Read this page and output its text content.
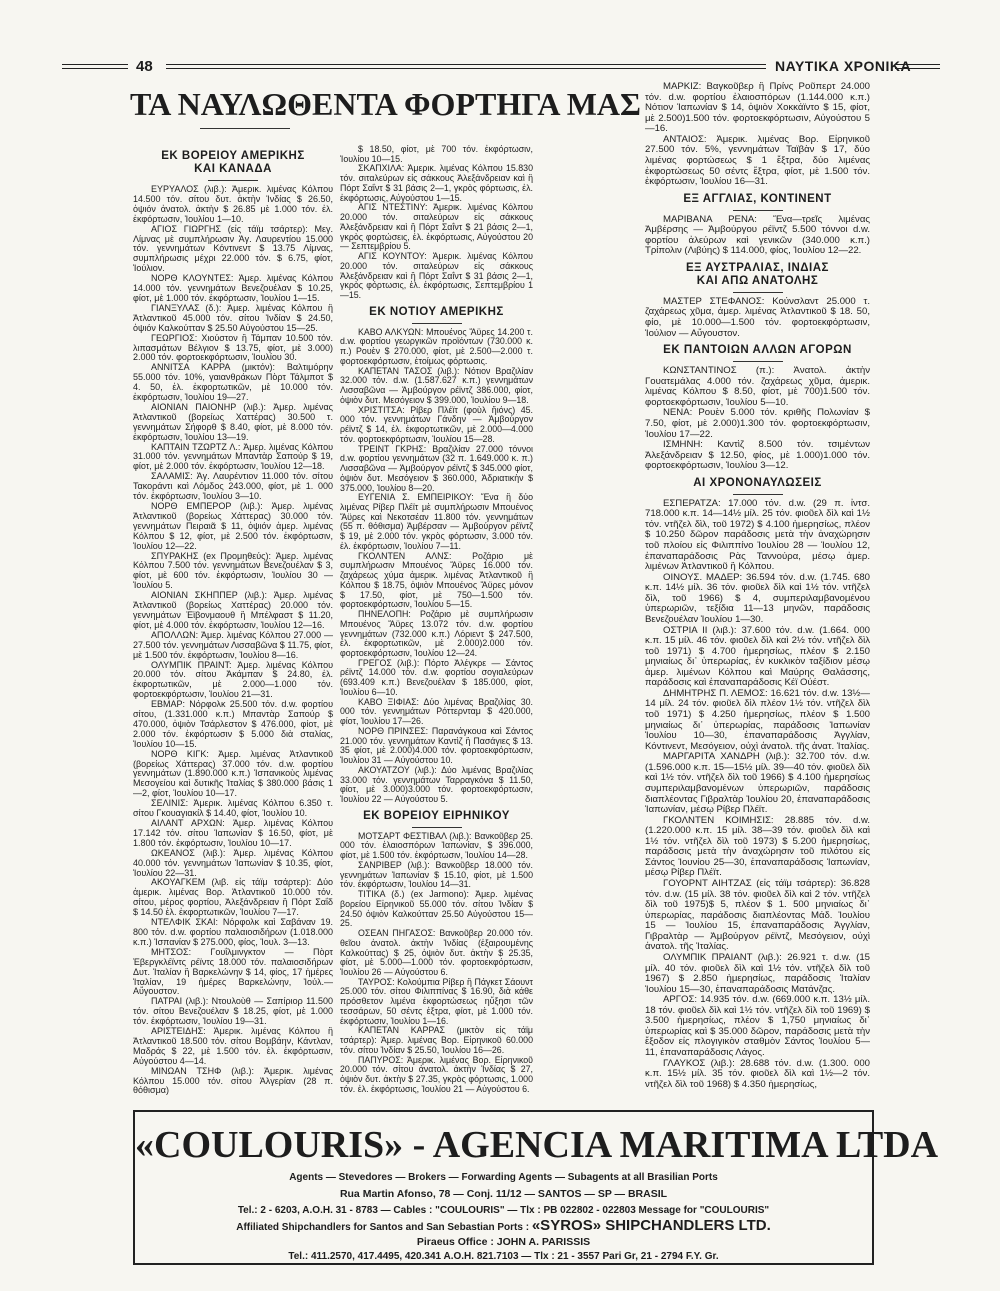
48	ΝΑΥΤΙΚΑ ΧΡΟΝΙΚΑ
ΤΑ ΝΑΥΛΩΘΕΝΤΑ ΦΟΡΤΗΓΑ ΜΑΣ
ΕΚ ΒΟΡΕΙΟΥ ΑΜΕΡΙΚΗΣ
ΚΑΙ ΚΑΝΑΔΑ

ΕΥΡΥΑΛΟΣ (λιβ.): Ἀμερικ. λιμένας Κόλπου 14.500 τόν. σίτου δυτ. ἀκτὴν Ἰνδίας $ 26.50, ὀψιόν ἀνατολ. ἀκτὴν $ 26.85 μὲ 1.000 τόν. ἐλ. ἐκφόρτωσιν, Ἰουλίου 1—10.

ΑΓΙΟΣ ΓΙΩΡΓΗΣ (εἰς τάϊμ τσάρτερ): Μεγ. Λίμνας μὲ συμπλήρωσιν Ἁγ. Λαυρεντίου 15.000 τόν. γεννημάτων Κόντινεντ $ 13.75 Λίμνας, συμπλήρωσις μέχρι 22.000 τόν. $ 6.75, φίοτ, Ἰούλιον.

ΝΟΡΘ ΚΛΟΥΝΤΕΣ: Ἀμερ. λιμένας Κόλπου 14.000 τόν. γεννημάτων Βενεζουέλαν $ 10.25, φίοτ, μὲ 1.000 τόν. ἐκφόρτωσιν, Ἰουλίου 1—15.

ΓΙΑΝΞΥΛΑΣ (δ.): Ἀμερ. λιμένας Κόλπου ἢ Ἀτλαντικοῦ 45.000 τόν. σίτου Ἰνδίαν $ 24.50, ὀψιόν Καλκούτταν $ 25.50 Αὐγούστου 15—25.

ΓΕΩΡΓΙΟΣ: Χιούστον ἢ Τάμπαν 10.500 τόν. λιπασμάτων Βέλγιον $ 13.75, φίοτ, μὲ 3.000) 2.000 τόν. φορτοεκφόρτωσιν, Ἰουλίου 30.

ΑΝΝΙΤΣΑ ΚΑΡΡΑ (μικτόν): Βαλτιμόρην 55.000 τόν. 10%, γαιανθράκων Πὸρτ Τάλμποτ $ 4. 50, ἐλ. ἐκφορτωτικῶν, μὲ 10.000 τόν. ἐκφόρτωσιν, Ἰουλίου 19—27.

ΑΙΟΝΙΑΝ ΠΑΙΟΝΗΡ (λιβ.): Ἀμερ. λιμένας Ἀτλαντικοῦ (βορείως Χαττέρας) 30.500 τ. γεννημάτων Σήφορθ $ 8.40, φίοτ, μὲ 8.000 τόν. ἐκφόρτωσιν, Ἰουλίου 13—19.

ΚΑΠΤΑΙΝ ΤΖΩΡΤΖ Λ.: Ἀμερ. λιμένας Κόλπου 31.000 τόν. γεννημάτων Μπαντὰρ Σαπούρ $ 19, φίοτ, μὲ 2.000 τόν. ἐκφόρτωσιν, Ἰουλίου 12—18.

ΣΑΛΑΜΙΣ: Ἁγ. Λαυρέντιον 11.000 τόν. σίτου Τακοράντι καὶ Λόμδος 243.000, φίοτ, μὲ 1. 000 τόν. ἐκφόρτωσιν, Ἰουλίου 3—10.

ΝΟΡΘ ΕΜΠΕΡΟΡ (λιβ.): Ἀμερ. λιμένας Ἀτλαντικοῦ (βορείως Χάττερας) 30.000 τόν. γεννημάτων Πειραιᾶ $ 11, ὀψιόν ἀμερ. λιμένας Κόλπου $ 12, φίοτ, μὲ 2.500 τόν. ἐκφόρτωσιν, Ἰουλίου 12—22.

ΣΠΥΡΑΚΗΣ (ex Προμηθεύς): Ἀμερ. λιμένας Κόλπου 7.500 τόν. γεννημάτων Βενεζουέλαν $ 3, φίοτ, μὲ 600 τόν. ἐκφόρτωσιν, Ἰουλίου 30 — Ἰουλίου 5.

ΑΙΟΝΙΑΝ ΣΚΗΠΠΕΡ (λιβ.): Ἀμερ. λιμένας Ἀτλαντικοῦ (βορείως Χαττέρας) 20.000 τόν. γεννημάτων Ἐϊβονμαουθ ἢ Μπέλφαστ $ 11.20, φίοτ, μὲ 4.000 τόν. ἐκφόρτωσιν, Ἰουλίου 12—16.

ΑΠΟΛΛΩΝ: Ἀμερ. λιμένας Κόλπου 27.000 — 27.500 τόν. γεννημάτων Λισσαβῶνα $ 11.75, φίοτ, μὲ 1.500 τόν. ἐκφόρτωσιν, Ἰουλίου 8—16.

ΟΛΥΜΠΙΚ ΠΡΑΙΝΤ: Ἀμερ. λιμένας Κόλπου 20.000 τόν. σίτου Ἀκάμπαν $ 24.80, ἐλ. ἐκφορτωτικῶν, μὲ 2.000—1.000 τόν. φορτοεκφόρτωσιν, Ἰουλίου 21—31.

ΕΒΜΑΡ: Νόρφολκ 25.500 τόν. d.w. φορτίου σίτου, (1.331.000 κ.π.) Μπαντὰρ Σαπούρ $ 470.000, ὀψιὸν Τσάρλεστον $ 476.000, φίοτ, μὲ 2.000 τόν. ἐκφόρτωσιν $ 5.000 διὰ σταλίας, Ἰουλίου 10—15.

ΝΟΡΘ ΚΙΓΚ: Ἀμερ. λιμένας Ἀτλαντικοῦ (βορείως Χάττερας) 37.000 τόν. d.w. φορτίου γεννημάτων (1.890.000 κ.π.) Ἰσπανικοὺς λιμένας Μεσογείου καὶ δυτικῆς Ἰταλίας $ 380.000 βάσις 1—2, φίοτ, Ἰουλίου 10—17.

ΣΕΛΙΝΙΣ: Ἀμερικ. λιμένας Κόλπου 6.350 τ. σίτου Γκουαγιακίλ $ 14.40, φίοτ, Ἰουλίου 10.

ΑΙΛΑΝΤ ΑΡΧΩΝ: Ἀμερ. λιμένας Κόλπου 17.142 τόν. σίτου Ἰαπωνίαν $ 16.50, φίοτ, μὲ 1.800 τόν. ἐκφόρτωσιν, Ἰουλίου 10—17.

ΩΚΕΑΝΟΣ (λιβ.): Ἀμερ. λιμένας Κόλπου 40.000 τόν. γεννημάτων Ἰαπωνίαν $ 10.35, φίοτ, Ἰουλίου 22—31.

ΑΚΟΥΑΓΚΕΜ (λιβ. εἰς τάϊμ τσάρτερ): Δύο ἀμερικ. λιμένας Βορ. Ἀτλαντικοῦ 10.000 τόν. σίτου, μέρος φορτίου, Ἀλεξάνδρειαν ἢ Πόρτ Σαΐδ $ 14.50 ἐλ. ἐκφορτωτικῶν, Ἰουλίου 7—17.

ΝΤΕΛΦΙΚ ΣΚΑΙ: Νόρφολκ καὶ Σαβάναν 19. 800 τόν. d.w. φορτίου παλαιοσιδήρων (1.018.000 κ.π.) Ἰσπανίαν $ 275.000, φίος, Ἰουλ. 3—13.

ΜΗΤΣΟΣ: Γουΐλμινγκτον — Πὸρτ Ἐβεργκλέϊντς ρέϊντς 18.000 τόν. παλαιοσιδήρων Δυτ. Ἰταλίαν ἢ Βαρκελώνην $ 14, φίος, 17 ἡμέρες Ἰταλίαν, 19 ἡμέρες Βαρκελώνην, Ἰούλ.—Αὔγουστον.

ΠΑΤΡΑΙ (λιβ.): Ντουλοὺθ — Σαπίριορ 11.500 τόν. σίτου Βενεζουέλαν $ 18.25, φίοτ, μὲ 1.000 τόν. ἐκφόρτωσιν, Ἰουλίου 19—31.

ΑΡΙΣΤΕΙΔΗΣ: Ἀμερικ. λιμένας Κόλπου ἢ Ἀτλαντικοῦ 18.500 τόν. σίτου Βομβάην, Κάντλαν, Μαδράς $ 22, μὲ 1.500 τόν. ἐλ. ἐκφόρτωσιν, Αὐγούστου 4—14.

ΜΙΝΩΑΝ ΤΣΗΦ (λιβ.): Ἀμερικ. λιμένας Κόλπου 15.000 τόν. σίτου Ἀλγερίαν (28 π. θόθισμα)

$ 18.50, φίοτ, μὲ 700 τόν. ἐκφόρτωσιν, Ἰουλίου 10—15.

ΣΚΑΠΧΙΛΑ: Ἀμερικ. λιμένας Κόλπου 15.830 τόν. σιταλεύρων εἰς σάκκους Ἀλεξάνδρειαν καὶ ἢ Πόρτ Σαΐντ $ 31 βάσις 2—1, γκρὸς φόρτωσις, ἐλ. ἐκφόρτωσις, Αὐγούστου 1—15.

ΑΓΙΣ ΝΤΕΣΤΙΝΥ: Ἀμερικ. λιμένας Κόλπου 20.000 τόν. σιταλεύρων εἰς σάκκους Ἀλεξάνδρειαν καὶ ἢ Πόρτ Σαΐντ $ 21 βάσις 2—1, γκρὸς φορτώσεις, ἐλ. ἐκφόρτωσις, Αὐγούστου 20 — Σεπτεμβρίου 5.

ΑΓΙΣ ΚΟΥΝΤΟΥ: Ἀμερικ. λιμένας Κόλπου 20.000 τόν. σιταλεύρων εἰς σάκκους Ἀλεξάνδρειαν καὶ ἢ Πόρτ Σαΐντ $ 31 βάσις 2—1, γκρὸς φόρτωσις, ἐλ. ἐκφόρτωσις, Σεπτεμβρίου 1—15.

ΕΚ ΝΟΤΙΟΥ ΑΜΕΡΙΚΗΣ

ΚΑΒΟ ΑΛΚΥΩΝ: Μπουένος Ἄϋρες 14.200 τ. d.w. φορτίου γεωργικῶν προϊόντων (730.000 κ. π.) Ρουὲν $ 270.000, φίοτ, μὲ 2.500—2.000 τ. φορτοεκφόρτωσιν, ἑτοίμως φόρτωσις.

ΚΑΠΕΤΑΝ ΤΑΣΟΣ (λιβ.): Νότιον Βραζιλίαν 32.000 τόν. d.w. (1.587.627 κ.π.) γεννημάτων Λισσαβῶνα — Ἀμβούργον ρέϊντζ 386.000, φίοτ, ὀψιὸν δυτ. Μεσόγειον $ 399.000, Ἰουλίου 9—18.

ΧΡΙΣΤΙΤΣΑ: Ρίβερ Πλέϊτ (φοὺλ ἥιόνς) 45. 000 τόν. γεννημάτων Γάνδην — Ἀμβούργον ρέϊντζ $ 14, ἐλ. ἐκφορτωτικῶν, μὲ 2.000—4.000 τόν. φορτοεκφόρτωσιν, Ἰουλίου 15—28.

ΤΡΕΙΝΤ ΓΚΡΗΣ: Βραζιλίαν 27.000 τόννοι d.w. φορτίου γεννημάτων (32 π. 1.649.000 κ. π.) Λισσαβῶνα — Ἀμβούργον ρέϊντζ $ 345.000 φίοτ, ὀψιὸν δυτ. Μεσόγειον $ 360.000, Ἀδριατικὴν $ 375.000, Ἰουλίου 8—20.

ΕΥΓΕΝΙΑ Σ. ΕΜΠΕΙΡΙΚΟΥ: Ἕνα ἢ δύο λιμένας Ρίβερ Πλέϊτ μὲ συμπλήρωσιν Μπουένος Ἄϋρες καὶ Νεκοτσέαν 11.800 τόν. γεννημάτων (55 π. θόθισμα) Ἀμβέρσαν — Ἀμβούργον ρέϊντζ $ 19, μὲ 2.000 τόν. γκρὸς φόρτωσιν, 3.000 τόν. ἐλ. ἐκφόρτωσιν, Ἰουλίου 7—11.

ΓΚΟΛΝΤΕΝ ΑΛΝΣ: Ροζάριο μὲ συμπλήρωσιν Μπουένος Ἄϋρες 16.000 τόν. ζαχάρεως χύμα ἀμερικ. λιμένας Ἀτλαντικοῦ ἢ Κόλπου $ 18.75, ὀψιὸν Μπουένος Ἄϋρες μόνον $ 17.50, φίοτ, μὲ 750—1.500 τόν. φορτοεκφόρτωσιν, Ἰουλίου 5—15.

ΠΗΝΕΛΟΠΗ: Ροζάριο μὲ συμπλήρωσιν Μπουένος Ἄϋρες 13.072 τόν. d.w. φορτίου γεννημάτων (732.000 κ.π.) Λόριεντ $ 247.500, ἐλ. ἐκφορτωτικῶν, μὲ 2.000)2.000 τόν. φορτοεκφόρτωσιν, Ἰουλίου 12—24.

ΓΡΕΓΟΣ (λιβ.): Πόρτο Ἀλέγκρε — Σάντος ρέϊντζ 14.000 τόν. d.w. φορτίου σογιαλεύρων (693.409 κ.π.) Βενεζουέλαν $ 185.000, φίοτ, Ἰουλίου 6—10.

ΚΑΒΟ ΞΙΦΙΑΣ: Δύο λιμένας Βραζιλίας 30. 000 τόν. γεννημάτων Ρόττερνταμ $ 420.000, φίοτ, Ἰουλίου 17—26.

ΝΟΡΘ ΠΡΙΝΣΕΣ: Παρανάγκουα καὶ Σάντος 21.000 τόν. γεννημάτων Καντὶζ ἢ Πασάγιες $ 13. 35 φίοτ, μὲ 2.000)4.000 τόν. φορτοεκφόρτωσιν, Ἰουλίου 31 — Αὐγούστου 10.

ΑΚΟΥΑΤΖΟΥ (λιβ.): Δύο λιμένας Βραζιλίας 33.000 τόν. γεννημάτων Ταρραγκόνα $ 11.50, φίοτ, μὲ 3.000)3.000 τόν. φορτοεκφόρτωσιν, Ἰουλίου 22 — Αὐγούστου 5.

ΕΚ ΒΟΡΕΙΟΥ ΕΙΡΗΝΙΚΟΥ

ΜΟΤΣΑΡΤ ΦΕΣΤΙΒΑΛ (λιβ.): Βανκοῦβερ 25. 000 τόν. ἐλαιοσπόρων Ἰαπωνίαν, $ 396.000, φίοτ, μὲ 1.500 τόν. ἐκφόρτωσιν, Ἰουλίου 14—28.

ΣΑΝΡΙΒΕΡ (λιβ.): Βανκοῦβερ 18.000 τόν. γεννημάτων Ἰαπωνίαν $ 15.10, φίοτ, μὲ 1.500 τόν. ἐκφόρτωσιν, Ἰουλίου 14—31.

ΤΙΤΙΚΑ (δ.) (ex Jarmono): Ἀμερ. λιμένας βορείου Εἰρηνικοῦ 55.000 τόν. σίτου Ἰνδίαν $ 24.50 ὀψιὸν Καλκούτταν 25.50 Αὐγούστου 15—25.

ΟΣΕΑΝ ΠΗΓΑΣΟΣ: Βανκοῦβερ 20.000 τόν. θεῖου ἀνατολ. ἀκτὴν Ἰνδίας (ἐξαιρουμένης Καλκούττας) $ 25, ὀψιὸν δυτ. ἀκτὴν $ 25.35, φίοτ, μὲ 5.000—1.000 τόν. φορτοεκφόρτωσιν, Ἰουλίου 26 — Αὐγούστου 6.

ΤΑΥΡΟΣ: Κολούμπια Ρίβερ ἢ Πάγκετ Σάουντ 25.000 τόν. σίτου Φιλιππίνας $ 16.90, διὰ κάθε πρόσθετον λιμένα ἐκφορτώσεως ηὔξησι τῶν τεσσάρων, 50 σέντς ἐξτρα, φίοτ, μὲ 1.000 τόν. ἐκφόρτωσιν, Ἰουλίου 1—16.

ΚΑΠΕΤΑΝ ΚΑΡΡΑΣ (μικτὸν εἰς τάϊμ τσάρτερ): Ἀμερ. λιμένας Βορ. Εἰρηνικοῦ 60.000 τόν. σίτου Ἰνδίαν $ 25.50, Ἰουλίου 16—26.

ΠΑΠΥΡΟΣ: Ἀμερικ. λιμένας Βορ. Εἰρηνικοῦ 20.000 τόν. σίτου ἀνατολ. ἀκτὴν Ἰνδίας $ 27, ὀψιὸν δυτ. ἀκτὴν $ 27.35, γκρὸς φόρτωσις, 1.000 τόν. ἐλ. ἐκφόρτωσις, Ἰουλίου 21 — Αὐγούστου 6.

ΜΑΡΚΙΖ: Βαγκοῦβερ ἢ Πρίνς Ροῦπερτ 24.000 τόν. d.w. φορτίου ἐλαιοσπόρων (1.144.000 κ.π.) Νότιον Ἰαπωνίαν $ 14, ὀψιὸν Χοκκάϊντο $ 15, φίοτ, μὲ 2.500)1.500 τόν. φορτοεκφόρτωσιν, Αὐγούστου 5—16.

ΑΝΤΑΙΟΣ: Ἀμερικ. λιμένας Βορ. Εἰρηνικοῦ 27.500 τόν. 5%, γεννημάτων Ταϊβὰν $ 17, δύο λιμένας φορτώσεως $ 1 ἔξτρα, δύο λιμένας ἐκφορτώσεως 50 σέντς ἔξτρα, φίοτ, μὲ 1.500 τόν. ἐκφόρτωσιν, Ἰουλίου 16—31.

ΕΞ ΑΓΓΛΙΑΣ, ΚΟΝΤΙΝΕΝΤ

ΜΑΡΙΒΑΝΑ ΡΕΝΑ: Ἕνα—τρεῖς λιμένας Ἀμβέρσης — Ἀμβούργου ρέϊντζ 5.500 τόννοι d.w. φορτίου ἀλεύρων καὶ γενικῶν (340.000 κ.π.) Τρίπολιν (Λιβύης) $ 114.000, φίος, Ἰουλίου 12—22.

ΕΞ ΑΥΣΤΡΑΛΙΑΣ, ΙΝΔΙΑΣ
ΚΑΙ ΑΠΩ ΑΝΑΤΟΛΗΣ

ΜΑΣΤΕΡ ΣΤΕΦΑΝΟΣ: Κούνσλαντ 25.000 τ. ζαχάρεως χῦμα, ἀμερ. λιμένας Ἀτλαντικοῦ $ 18. 50, φίο, μὲ 10.000—1.500 τόν. φορτοεκφόρτωσιν, Ἰούλιον — Αὔγουστον.

ΕΚ ΠΑΝΤΟΙΩΝ ΑΛΛΩΝ ΑΓΟΡΩΝ

ΚΩΝΣΤΑΝΤΙΝΟΣ (π.): Ἀνατολ. ἀκτὴν Γουατεμάλας 4.000 τόν. ζαχάρεως χῦμα, ἀμερικ. λιμένας Κόλπου $ 8.50, φίοτ, μὲ 700)1.500 τόν. φορτοεκφόρτωσιν, Ἰουλίου 5—10.

ΝΕΝΑ: Ρουὲν 5.000 τόν. κριθῆς Πολωνίαν $ 7.50, φίοτ, μὲ 2.000)1.300 τόν. φορτοεκφόρτωσιν, Ἰουλίου 17—22.

ΙΣΜΗΝΗ: Καντὶζ 8.500 τόν. τσιμέντων Ἀλεξάνδρειαν $ 12.50, φίος, μὲ 1.000)1.000 τόν. φορτοεκφόρτωσιν, Ἰουλίου 3—12.

ΑΙ ΧΡΟΝΟΝΑΥΛΩΣΕΙΣ

ΕΣΠΕΡΑΤΖΑ: 17.000 τόν. d.w. (29 π. ἰντσ. 718.000 κ.π. 14—14½ μίλ. 25 τόν. φιοῦελ δὶλ καὶ 1½ τόν. ντῆζελ δὶλ, τοῦ 1972) $ 4.100 ἡμερησίως, πλέον $ 10.250 δῶρον παράδοσις μετὰ τὴν ἀναχώρησιν τοῦ πλοίου εἰς Φιλιππίνο Ἰουλίου 28 — Ἰουλίου 12, ἐπαναπαράδοσις Ρὰς Ταννούρα, μέσῳ ἀμερ. λιμένων Ἀτλαντικοῦ ἢ Κόλπου.

ΟΙΝΟΥΣ. ΜΑΔΕΡ: 36.594 τόν. d.w. (1.745. 680 κ.π. 14½ μίλ. 36 τόν. φιοῦελ δὶλ καὶ 1½ τόν. ντῆζελ δὶλ, τοῦ 1966) $ 4, συμπεριλαμβανομένου ὑπερωριῶν, τεξίδια 11—13 μηνῶν, παράδοσις Βενεζουέλαν Ἰουλίου 1—30.

ΟΣΤΡΙΑ ΙΙ (λιβ.): 37.600 τόν. d.w. (1.664. 000 κ.π. 15 μίλ. 46 τόν. φιοῦελ δὶλ καὶ 2½ τόν. ντῆζελ δὶλ τοῦ 1971) $ 4.700 ἡμερησίως, πλέον $ 2.150 μηνιαίως δι᾽ ὑπερωρίας, ἐν κυκλικὸν ταξίδιον μέσῳ ἀμερ. λιμένων Κόλπου καὶ Μαύρης Θαλάσσης, παράδοσις καὶ ἐπαναπαράδοσις Κέϊ Οὐέστ.

ΔΗΜΗΤΡΗΣ Π. ΛΕΜΟΣ: 16.621 τόν. d.w. 13½—14 μίλ. 24 τόν. φιοῦελ δὶλ πλέον 1½ τόν. ντῆζελ δὶλ τοῦ 1971) $ 4.250 ἡμερησίως, πλέον $ 1.500 μηνιαίως δι᾽ ὑπερωρίας, παράδοσις Ἰαπωνίαν Ἰουλίου 10—30, ἐπαναπαράδοσις Ἀγγλίαν, Κόντινεντ, Μεσόγειον, οὐχὶ ἀνατολ. τῆς ἀνατ. Ἰταλίας.

ΜΑΡΓΑΡΙΤΑ ΧΑΝΔΡΗ (λιβ.): 32.700 τόν. d.w. (1.596.000 κ.π. 15—15½ μίλ. 39—40 τόν. φιοῦελ δὶλ καὶ 1½ τόν. ντῆζελ δὶλ τοῦ 1966) $ 4.100 ἡμερησίως συμπεριλαμβανομένων ὑπερωριῶν, παράδοσις διαπλέοντας Γιβραλτὰρ Ἰουλίου 20, ἐπαναπαράδοσις Ἰαπωνίαν, μέσῳ Ρίβερ Πλέϊτ.

ΓΚΟΛΝΤΕΝ ΚΟΙΜΗΣΙΣ: 28.885 τόν. d.w. (1.220.000 κ.π. 15 μίλ. 38—39 τόν. φιοῦελ δὶλ καὶ 1½ τόν. ντῆζελ δὶλ τοῦ 1973) $ 5.200 ἡμερησίως, παράδοσις μετὰ τὴν ἀναχώρησιν τοῦ πιλότου εἰς Σάντος Ἰουνίου 25—30, ἐπαναπαράδοσις Ἰαπωνίαν, μέσῳ Ρίβερ Πλέϊτ.

ΓΟΥΟΡΝΤ ΑΙΗΤΖΑΣ (εἰς τάϊμ τσάρτερ): 36.828 τόν. d.w. (15 μίλ. 38 τόν. φιοῦελ δὶλ καὶ 2 τόν. ντῆζελ δὶλ τοῦ 1975)$ 5, πλέον $ 1. 500 μηνιαίως δι᾽ ὑπερωρίας, παράδοσις διαπλέοντας Μάδ. Ἰουλίου 15 — Ἰουλίου 15, ἐπαναπαράδοσις Ἀγγλίαν, Γιβραλτὰρ — Ἀμβούργον ρέϊντζ, Μεσόγειον, οὐχὶ ἀνατολ. τῆς Ἰταλίας.

ΟΛΥΜΠΙΚ ΠΡΑΙΑΝΤ (λιβ.): 26.921 τ. d.w. (15 μίλ. 40 τόν. φιοῦελ δὶλ καὶ 1½ τόν. ντῆζελ δὶλ τοῦ 1967) $ 2.850 ἡμερησίως, παράδοσις Ἰταλίαν Ἰουλίου 15—30, ἐπαναπαράδοσις Ματάνζας.

ΑΡΓΟΣ: 14.935 τόν. d.w. (669.000 κ.π. 13½ μίλ. 18 τόν. φιοῦελ δὶλ καὶ 1½ τόν. ντῆζελ δὶλ τοῦ 1969) $ 3.500 ἡμερησίως, πλέον $ 1,750 μηνιαίως δι᾽ ὑπερωρίας καὶ $ 35.000 δῶρον, παράδοσις μετὰ τὴν ἔξοδον εἰς πλογιγικὸν σταθμὸν Σάντος Ἰουλίου 5—11, ἐπαναπαράδοσις Λάγος.

ΓΛΑΥΚΟΣ (λιβ.): 28.688 τόν. d.w. (1.300. 000 κ.π. 15½ μίλ. 35 τόν. φιοῦελ δὶλ καὶ 1½—2 τόν. ντῆζελ δὶλ τοῦ 1968) $ 4.350 ἡμερησίως,

«COULOURIS» - AGENCIA MARITIMA LTDA
Agents — Stevedores — Brokers — Forwarding Agents — Subagents at all Brasilian Ports
Rua Martin Afonso, 78 — Conj. 11/12 — SANTOS — SP — BRASIL
Tel.: 2 - 6203, A.O.H. 31 - 8783 — Cables : "COULOURIS" — Tlx : PB 022802 - 022803 Message for "COULOURIS"
Affiliated Shipchandlers for Santos and San Sebastian Ports : «SYROS» SHIPCHANDLERS LTD.
Piraeus Office : JOHN A. PARISSIS
Tel.: 411.2570, 417.4495, 420.341 A.O.H. 821.7103 — Tlx : 21 - 3557 Pari Gr, 21 - 2794 F.Y. Gr.
